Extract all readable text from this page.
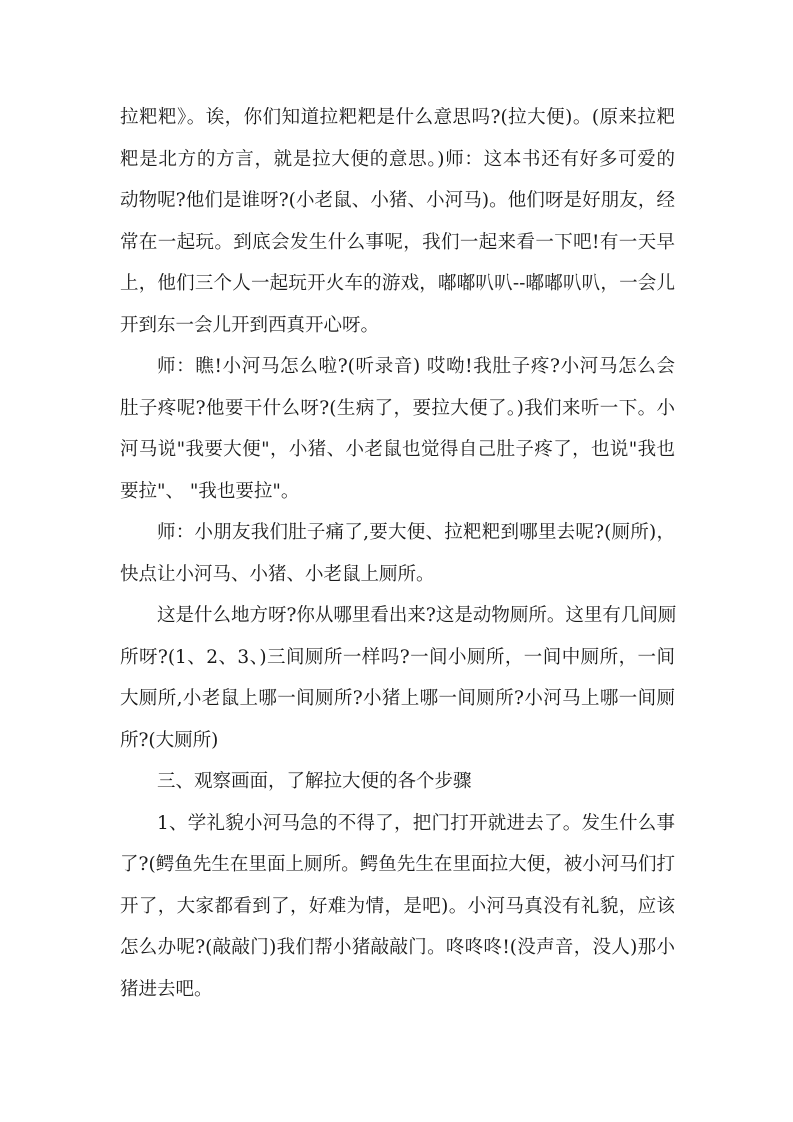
拉粑粑》。诶，你们知道拉粑粑是什么意思吗?(拉大便)。(原来拉粑
粑是北方的方言，就是拉大便的意思。)师：这本书还有好多可爱的
动物呢?他们是谁呀?(小老鼠、小猪、小河马)。他们呀是好朋友，经
常在一起玩。到底会发生什么事呢，我们一起来看一下吧!有一天早
上，他们三个人一起玩开火车的游戏，嘟嘟叭叭--嘟嘟叭叭，一会儿
开到东一会儿开到西真开心呀。
师：瞧!小河马怎么啦?(听录音) 哎呦!我肚子疼?小河马怎么会
肚子疼呢?他要干什么呀?(生病了，要拉大便了。)我们来听一下。小
河马说"我要大便"，小猪、小老鼠也觉得自己肚子疼了，也说"我也
要拉"、 "我也要拉"。
师：小朋友我们肚子痛了,要大便、拉粑粑到哪里去呢?(厕所)，
快点让小河马、小猪、小老鼠上厕所。
这是什么地方呀?你从哪里看出来?这是动物厕所。这里有几间厕
所呀?(1、2、3、)三间厕所一样吗?一间小厕所，一间中厕所，一间
大厕所,小老鼠上哪一间厕所?小猪上哪一间厕所?小河马上哪一间厕
所?(大厕所)
三、观察画面，了解拉大便的各个步骤
1、学礼貌小河马急的不得了，把门打开就进去了。发生什么事
了?(鳄鱼先生在里面上厕所。鳄鱼先生在里面拉大便，被小河马们打
开了，大家都看到了，好难为情，是吧)。小河马真没有礼貌，应该
怎么办呢?(敲敲门)我们帮小猪敲敲门。咚咚咚!(没声音，没人)那小
猪进去吧。
